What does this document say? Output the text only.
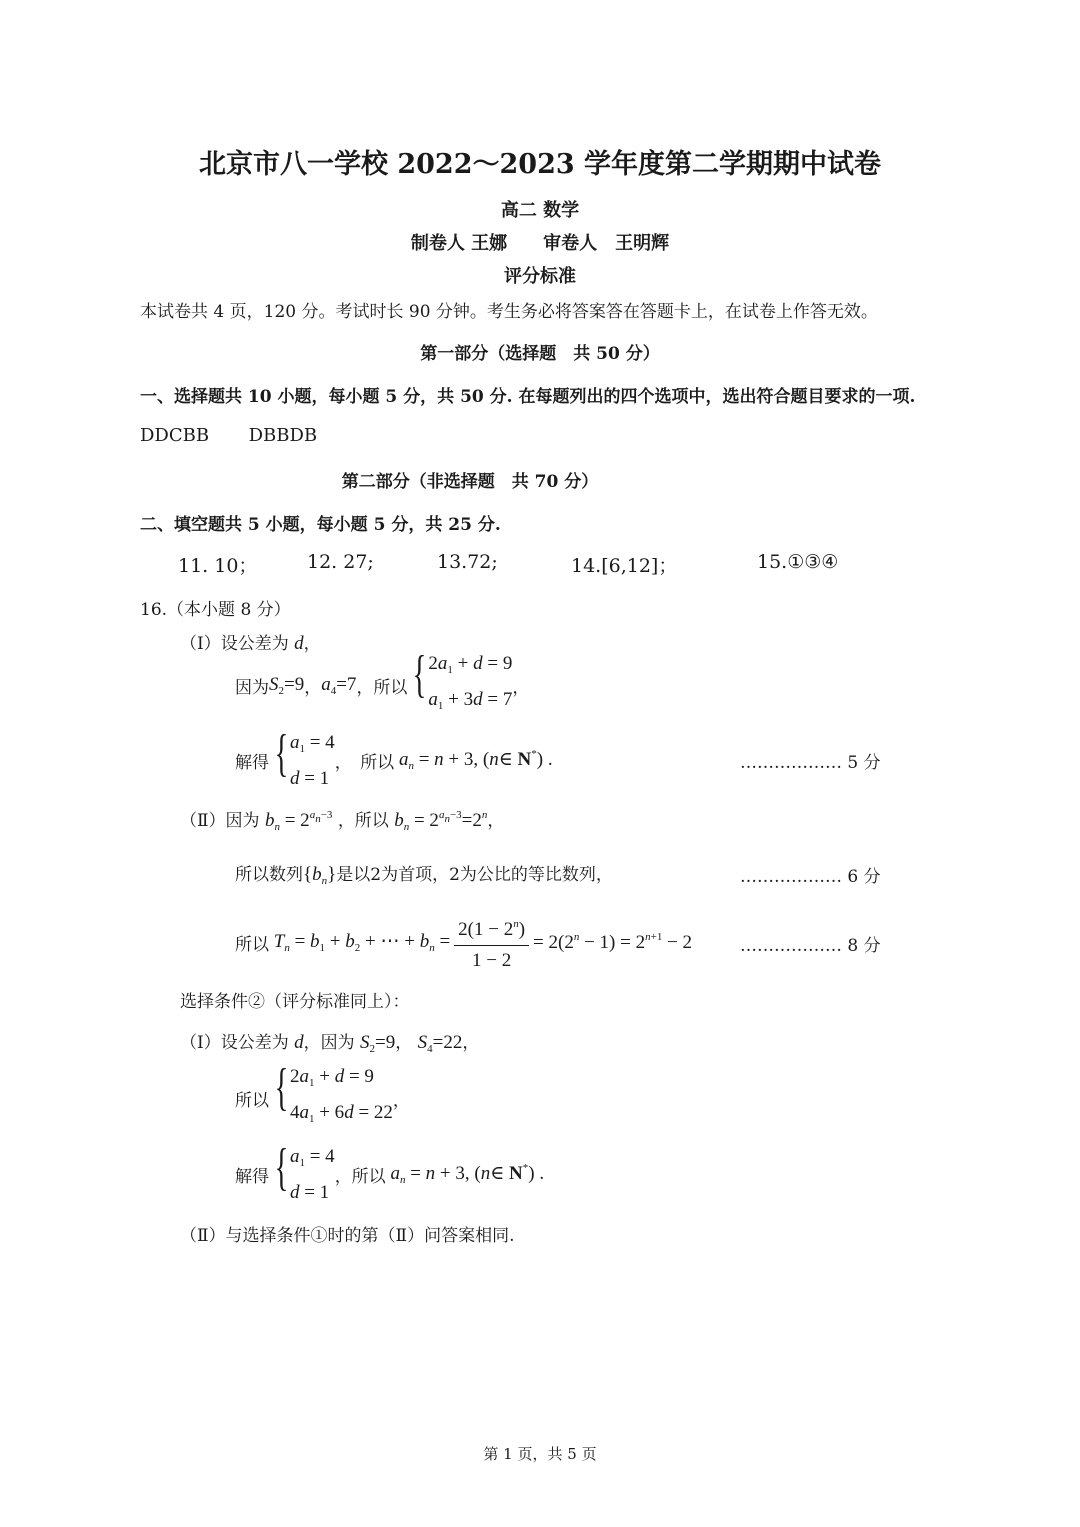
北京市八一学校 2022～2023 学年度第二学期期中试卷
高二 数学
制卷人 王娜　　审卷人　王明辉
评分标准
本试卷共 4 页，120 分。考试时长 90 分钟。考生务必将答案答在答题卡上，在试卷上作答无效。
第一部分（选择题　共 50 分）
一、选择题共 10 小题，每小题 5 分，共 50 分. 在每题列出的四个选项中，选出符合题目要求的一项.
DDCBB DBBDB
第二部分（非选择题　共 70 分）
二、填空题共 5 小题，每小题 5 分，共 25 分.
11. 10；	12. 27;	13.72;	14.[6,12]；	15.①③④
16.（本小题 8 分）
（Ⅰ）设公差为 d，
因为 $S_2=9$ ， $a_4=7$ ，所以 { $2a_1 + d = 9$
$a_1 + 3d = 7$
，
解得 { $a_1 = 4$
d = 1
，　 所以 $a_n = n + 3$, (n∈ N*) .	……………… 5 分
（Ⅱ）因为 $b_n = 2^{a_n-3}$ ，所以 $b_n = 2^{a_n-3}=2^n$，
所以数列$\{b_n\}$是以2为首项，2为公比的等比数列，	……………… 6 分
所以 $T_n = b_1 + b_2$ + ⋯ + $b_n = \frac{2(1 - 2^n)}{1 - 2} = 2(2^n - 1) = 2^{n+1} - 2$	……………… 8 分
选择条件②（评分标准同上）：
（Ⅰ）设公差为 d，因为 $S_2=9$， $S_4=22$，
所以 { $2a_1 + d = 9$
$4a_1 + 6d = 22$
，
解得 { $a_1 = 4$
d = 1
，所以 $a_n = n + 3$, (n∈ N*) .
（Ⅱ）与选择条件①时的第（Ⅱ）问答案相同.
第 1 页，共 5 页
